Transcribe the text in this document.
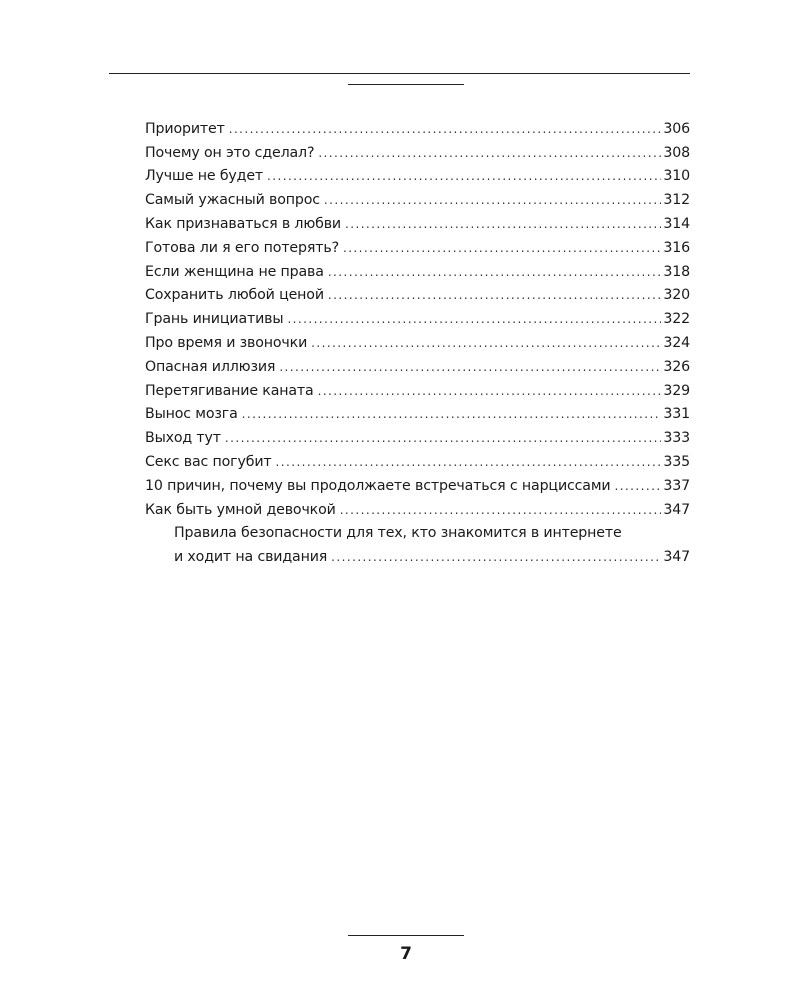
Приоритет . . .	306
Почему он это сделал? . . .	308
Лучше не будет . . .	310
Самый ужасный вопрос . . .	312
Как признаваться в любви . . .	314
Готова ли я его потерять? . . .	316
Если женщина не права . . .	318
Сохранить любой ценой . . .	320
Грань инициативы . . .	322
Про время и звоночки . . .	324
Опасная иллюзия . . .	326
Перетягивание каната . . .	329
Вынос мозга . . .	331
Выход тут . . .	333
Секс вас погубит . . .	335
10 причин, почему вы продолжаете встречаться с нарциссами . . .	337
Как быть умной девочкой . . .	347
Правила безопасности для тех, кто знакомится в интернете
и ходит на свидания . . .	347
7
